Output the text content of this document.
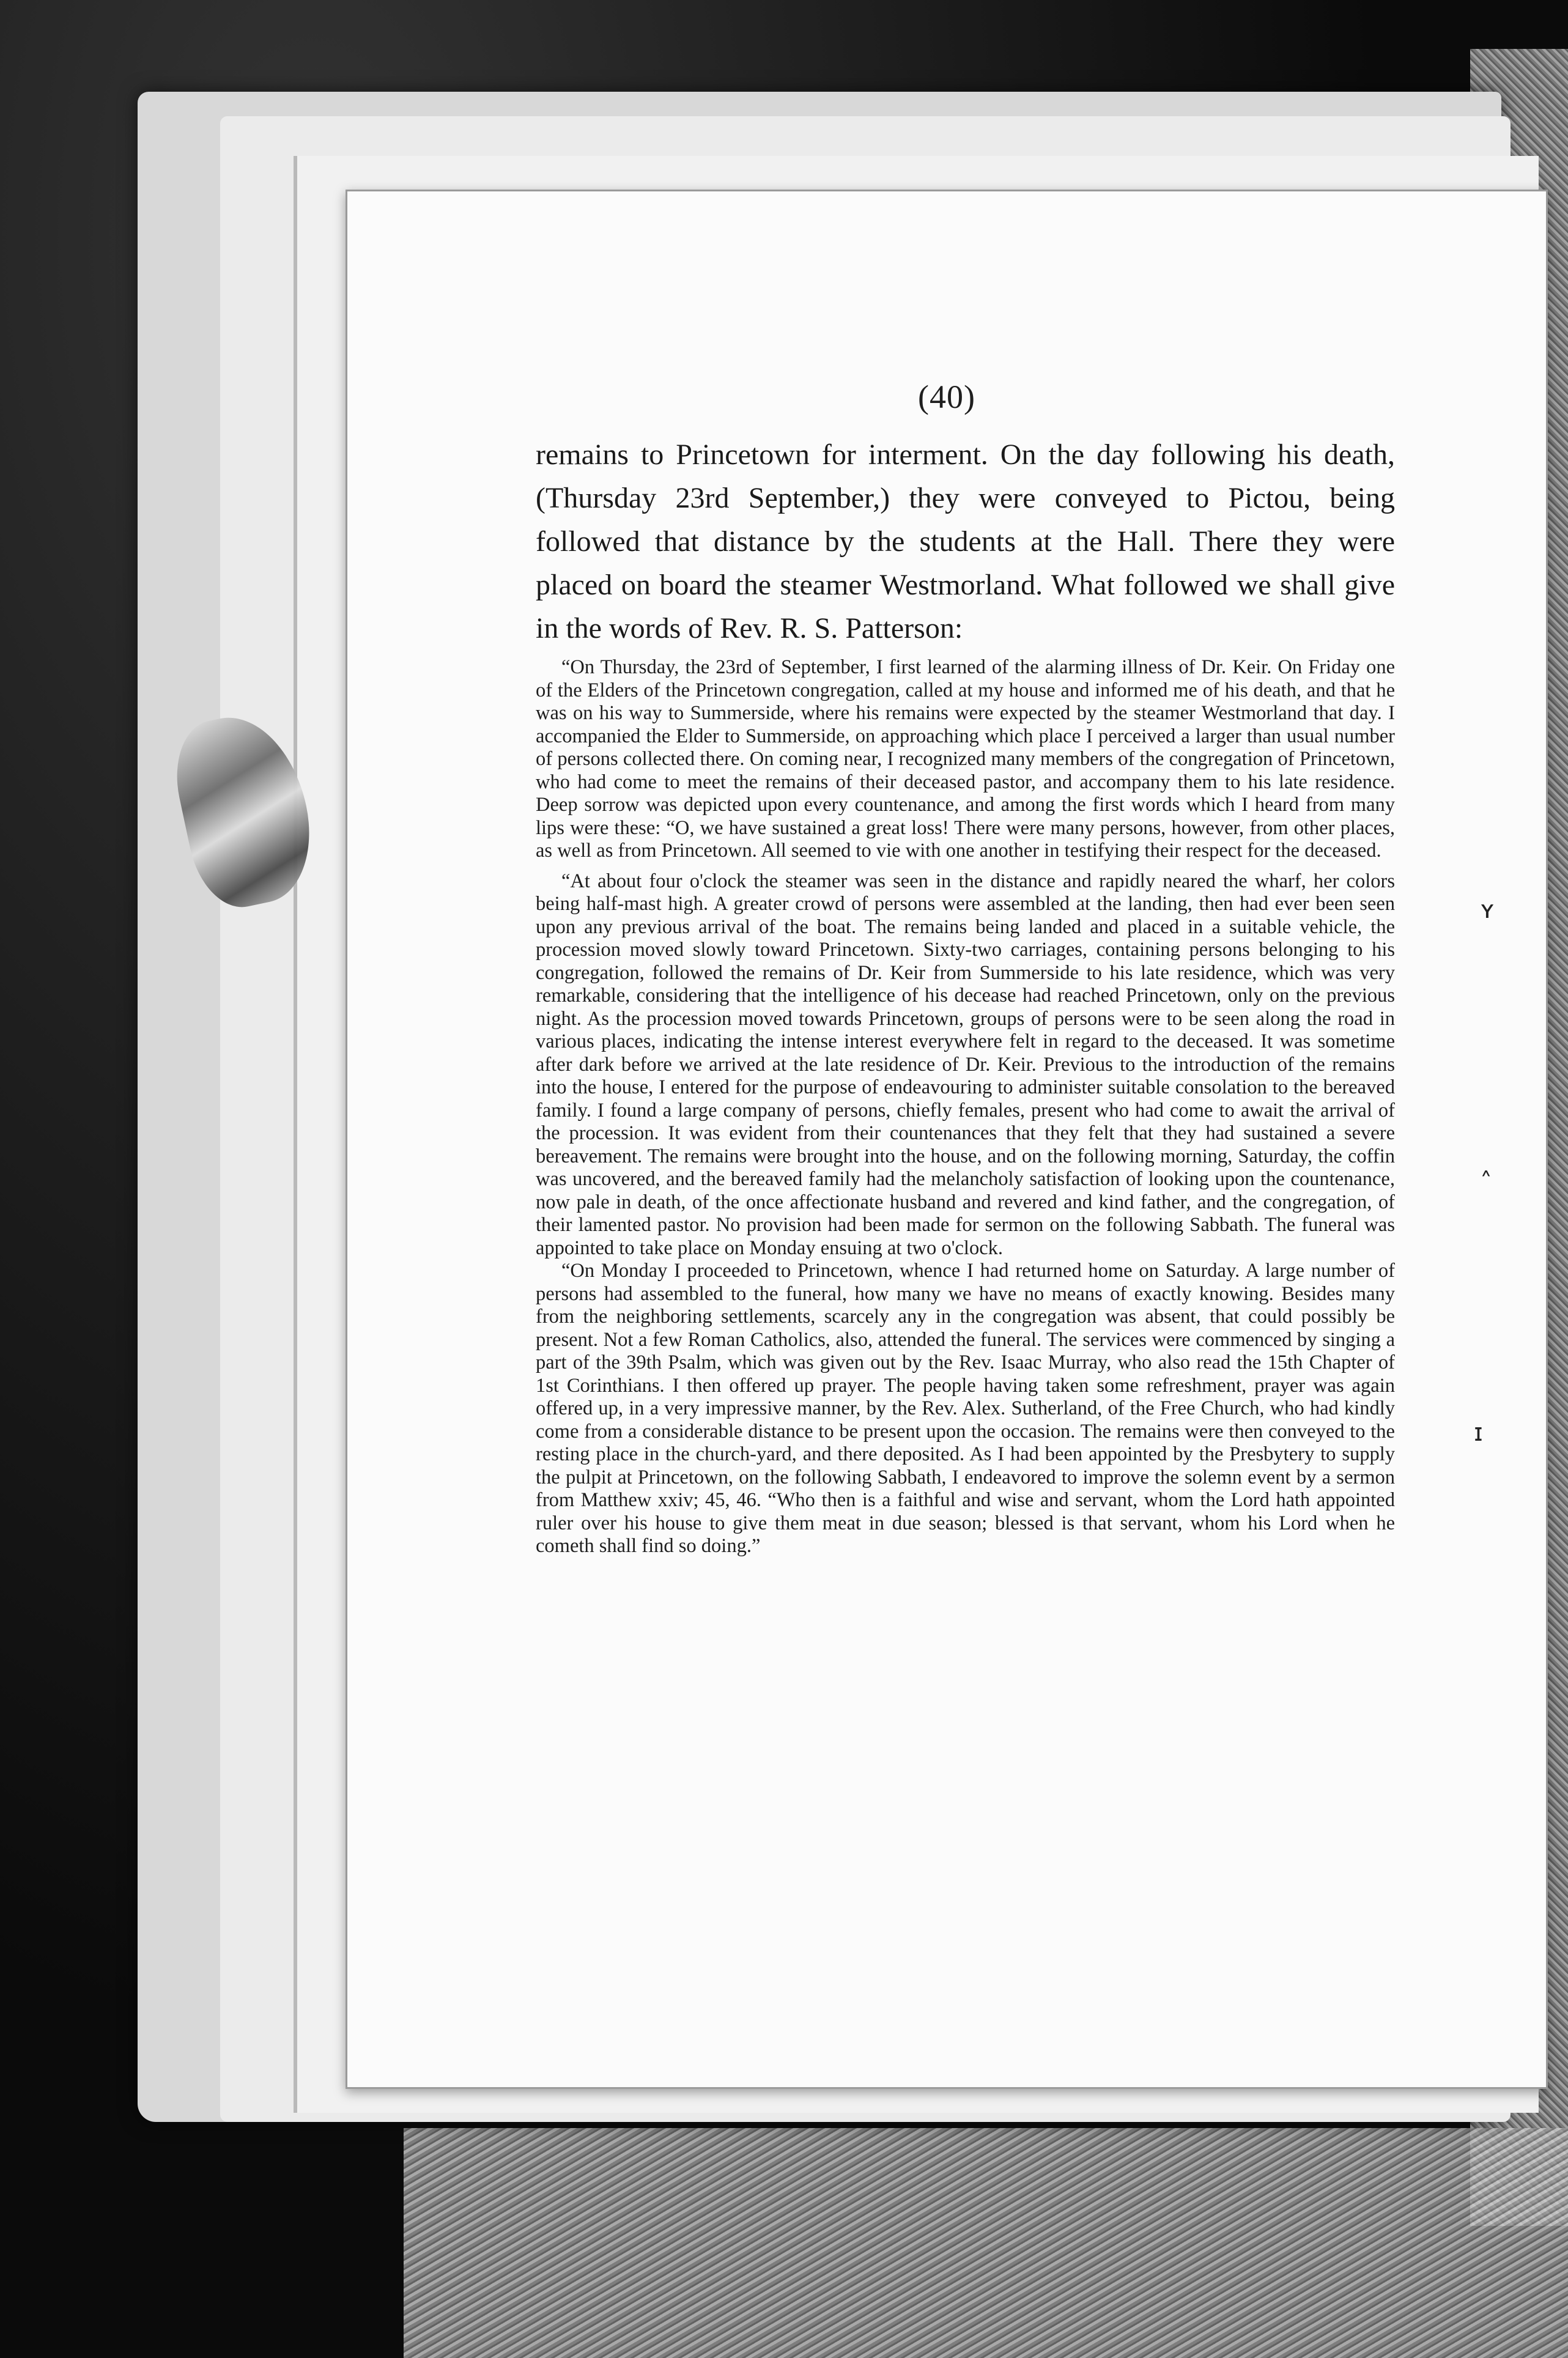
(40)

remains to Princetown for interment. On the day following his death, (Thursday 23rd September,) they were conveyed to Pictou, being followed that distance by the students at the Hall. There they were placed on board the steamer Westmorland. What followed we shall give in the words of Rev. R. S. Patterson:

“On Thursday, the 23rd of September, I first learned of the alarming illness of Dr. Keir. On Friday one of the Elders of the Princetown congregation, called at my house and informed me of his death, and that he was on his way to Summerside, where his remains were expected by the steamer Westmorland that day. I accompanied the Elder to Summerside, on approaching which place I perceived a larger than usual number of persons collected there. On coming near, I recognized many members of the congregation of Princetown, who had come to meet the remains of their deceased pastor, and accompany them to his late residence. Deep sorrow was depicted upon every countenance, and among the first words which I heard from many lips were these: “O, we have sustained a great loss! There were many persons, however, from other places, as well as from Princetown. All seemed to vie with one another in testifying their respect for the deceased.

“At about four o'clock the steamer was seen in the distance and rapidly neared the wharf, her colors being half-mast high. A greater crowd of persons were assembled at the landing, then had ever been seen upon any previous arrival of the boat. The remains being landed and placed in a suitable vehicle, the procession moved slowly toward Princetown. Sixty-two carriages, containing persons belonging to his congregation, followed the remains of Dr. Keir from Summerside to his late residence, which was very remarkable, considering that the intelligence of his decease had reached Princetown, only on the previous night. As the procession moved towards Princetown, groups of persons were to be seen along the road in various places, indicating the intense interest everywhere felt in regard to the deceased. It was sometime after dark before we arrived at the late residence of Dr. Keir. Previous to the introduction of the remains into the house, I entered for the purpose of endeavouring to administer suitable consolation to the bereaved family. I found a large company of persons, chiefly females, present who had come to await the arrival of the procession. It was evident from their countenances that they felt that they had sustained a severe bereavement. The remains were brought into the house, and on the following morning, Saturday, the coffin was uncovered, and the bereaved family had the melancholy satisfaction of looking upon the countenance, now pale in death, of the once affectionate husband and revered and kind father, and the congregation, of their lamented pastor. No provision had been made for sermon on the following Sabbath. The funeral was appointed to take place on Monday ensuing at two o'clock.

“On Monday I proceeded to Princetown, whence I had returned home on Saturday. A large number of persons had assembled to the funeral, how many we have no means of exactly knowing. Besides many from the neighboring settlements, scarcely any in the congregation was absent, that could possibly be present. Not a few Roman Catholics, also, attended the funeral. The services were commenced by singing a part of the 39th Psalm, which was given out by the Rev. Isaac Murray, who also read the 15th Chapter of 1st Corinthians. I then offered up prayer. The people having taken some refreshment, prayer was again offered up, in a very impressive manner, by the Rev. Alex. Sutherland, of the Free Church, who had kindly come from a considerable distance to be present upon the occasion. The remains were then conveyed to the resting place in the church-yard, and there deposited. As I had been appointed by the Presbytery to supply the pulpit at Princetown, on the following Sabbath, I endeavored to improve the solemn event by a sermon from Matthew xxiv; 45, 46. “Who then is a faithful and wise and servant, whom the Lord hath appointed ruler over his house to give them meat in due season; blessed is that servant, whom his Lord when he cometh shall find so doing.”

ʏ
˄
ɪ
